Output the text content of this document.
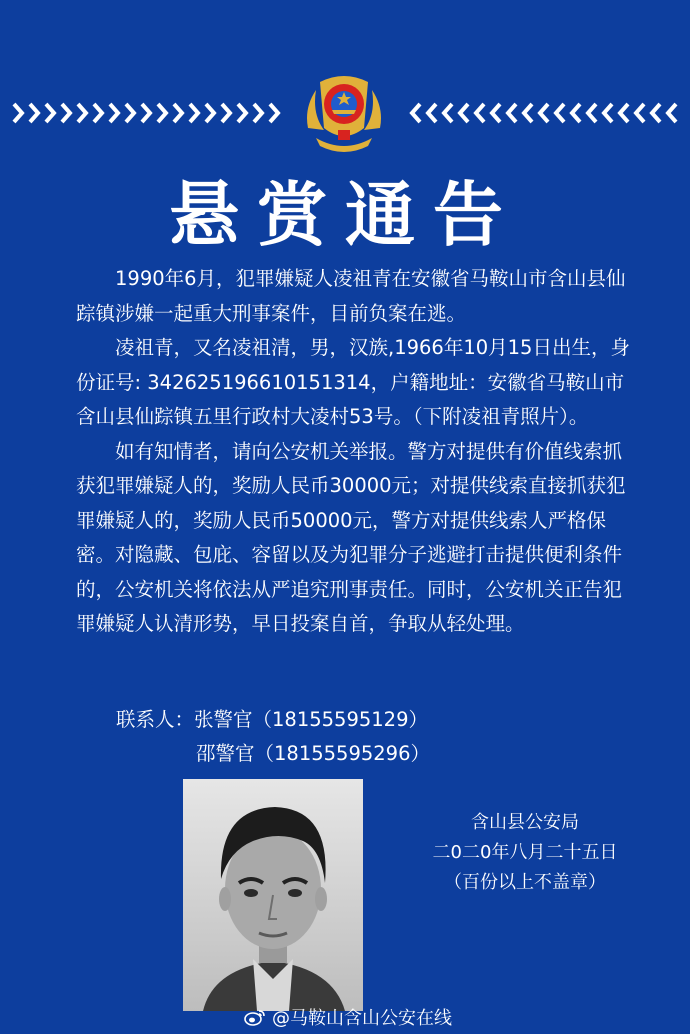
悬赏通告

1990年6月，犯罪嫌疑人凌祖青在安徽省马鞍山市含山县仙踪镇涉嫌一起重大刑事案件，目前负案在逃。

凌祖青，又名凌祖清，男，汉族,1966年10月15日出生，身份证号: 342625196610151314，户籍地址：安徽省马鞍山市含山县仙踪镇五里行政村大凌村53号。（下附凌祖青照片）。

如有知情者，请向公安机关举报。警方对提供有价值线索抓获犯罪嫌疑人的，奖励人民币30000元；对提供线索直接抓获犯罪嫌疑人的，奖励人民币50000元，警方对提供线索人严格保密。对隐藏、包庇、容留以及为犯罪分子逃避打击提供便利条件的，公安机关将依法从严追究刑事责任。同时，公安机关正告犯罪嫌疑人认清形势，早日投案自首，争取从轻处理。

联系人：张警官（18155595129）
邵警官（18155595296）
含山县公安局
二0二0年八月二十五日
（百份以上不盖章）
@马鞍山含山公安在线
